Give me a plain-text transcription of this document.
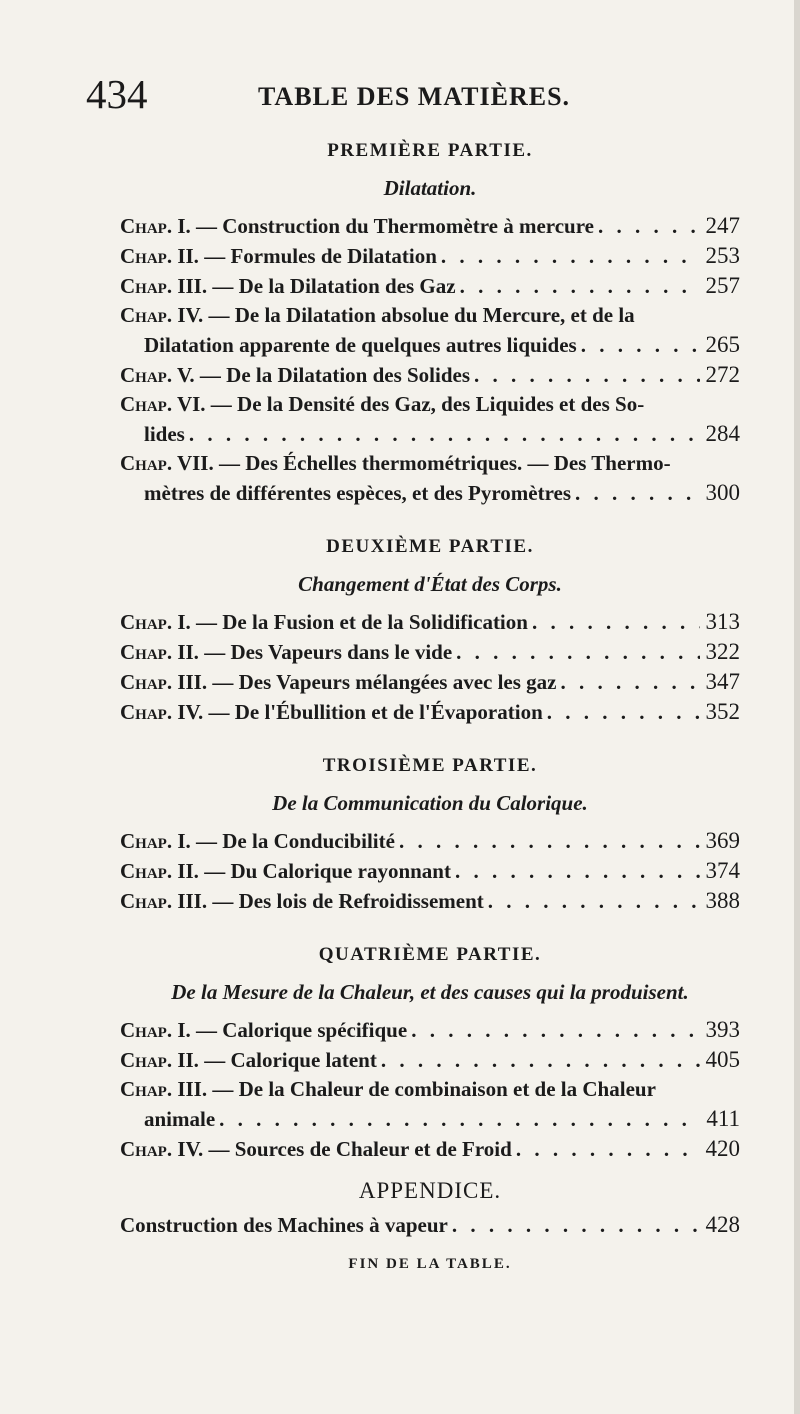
434	TABLE DES MATIÈRES.
PREMIÈRE PARTIE.
Dilatation.
Chap. I. — Construction du Thermomètre à mercure . . .	247
Chap. II. — Formules de Dilatation . . .	253
Chap. III. — De la Dilatation des Gaz . . .	257
Chap. IV. — De la Dilatation absolue du Mercure, et de la
Dilatation apparente de quelques autres liquides . . .	265
Chap. V. — De la Dilatation des Solides . . .	272
Chap. VI. — De la Densité des Gaz, des Liquides et des So-
lides . . .	284
Chap. VII. — Des Échelles thermométriques. — Des Thermo-
mètres de différentes espèces, et des Pyromètres . . .	300
DEUXIÈME PARTIE.
Changement d'État des Corps.
Chap. I. — De la Fusion et de la Solidification . . .	313
Chap. II. — Des Vapeurs dans le vide . . .	322
Chap. III. — Des Vapeurs mélangées avec les gaz . . .	347
Chap. IV. — De l'Ébullition et de l'Évaporation . . .	352
TROISIÈME PARTIE.
De la Communication du Calorique.
Chap. I. — De la Conducibilité . . .	369
Chap. II. — Du Calorique rayonnant . . .	374
Chap. III. — Des lois de Refroidissement . . .	388
QUATRIÈME PARTIE.
De la Mesure de la Chaleur, et des causes qui la produisent.
Chap. I. — Calorique spécifique . . .	393
Chap. II. — Calorique latent . . .	405
Chap. III. — De la Chaleur de combinaison et de la Chaleur
animale . . .	411
Chap. IV. — Sources de Chaleur et de Froid . . .	420
APPENDICE.
Construction des Machines à vapeur . . .	428
FIN DE LA TABLE.
